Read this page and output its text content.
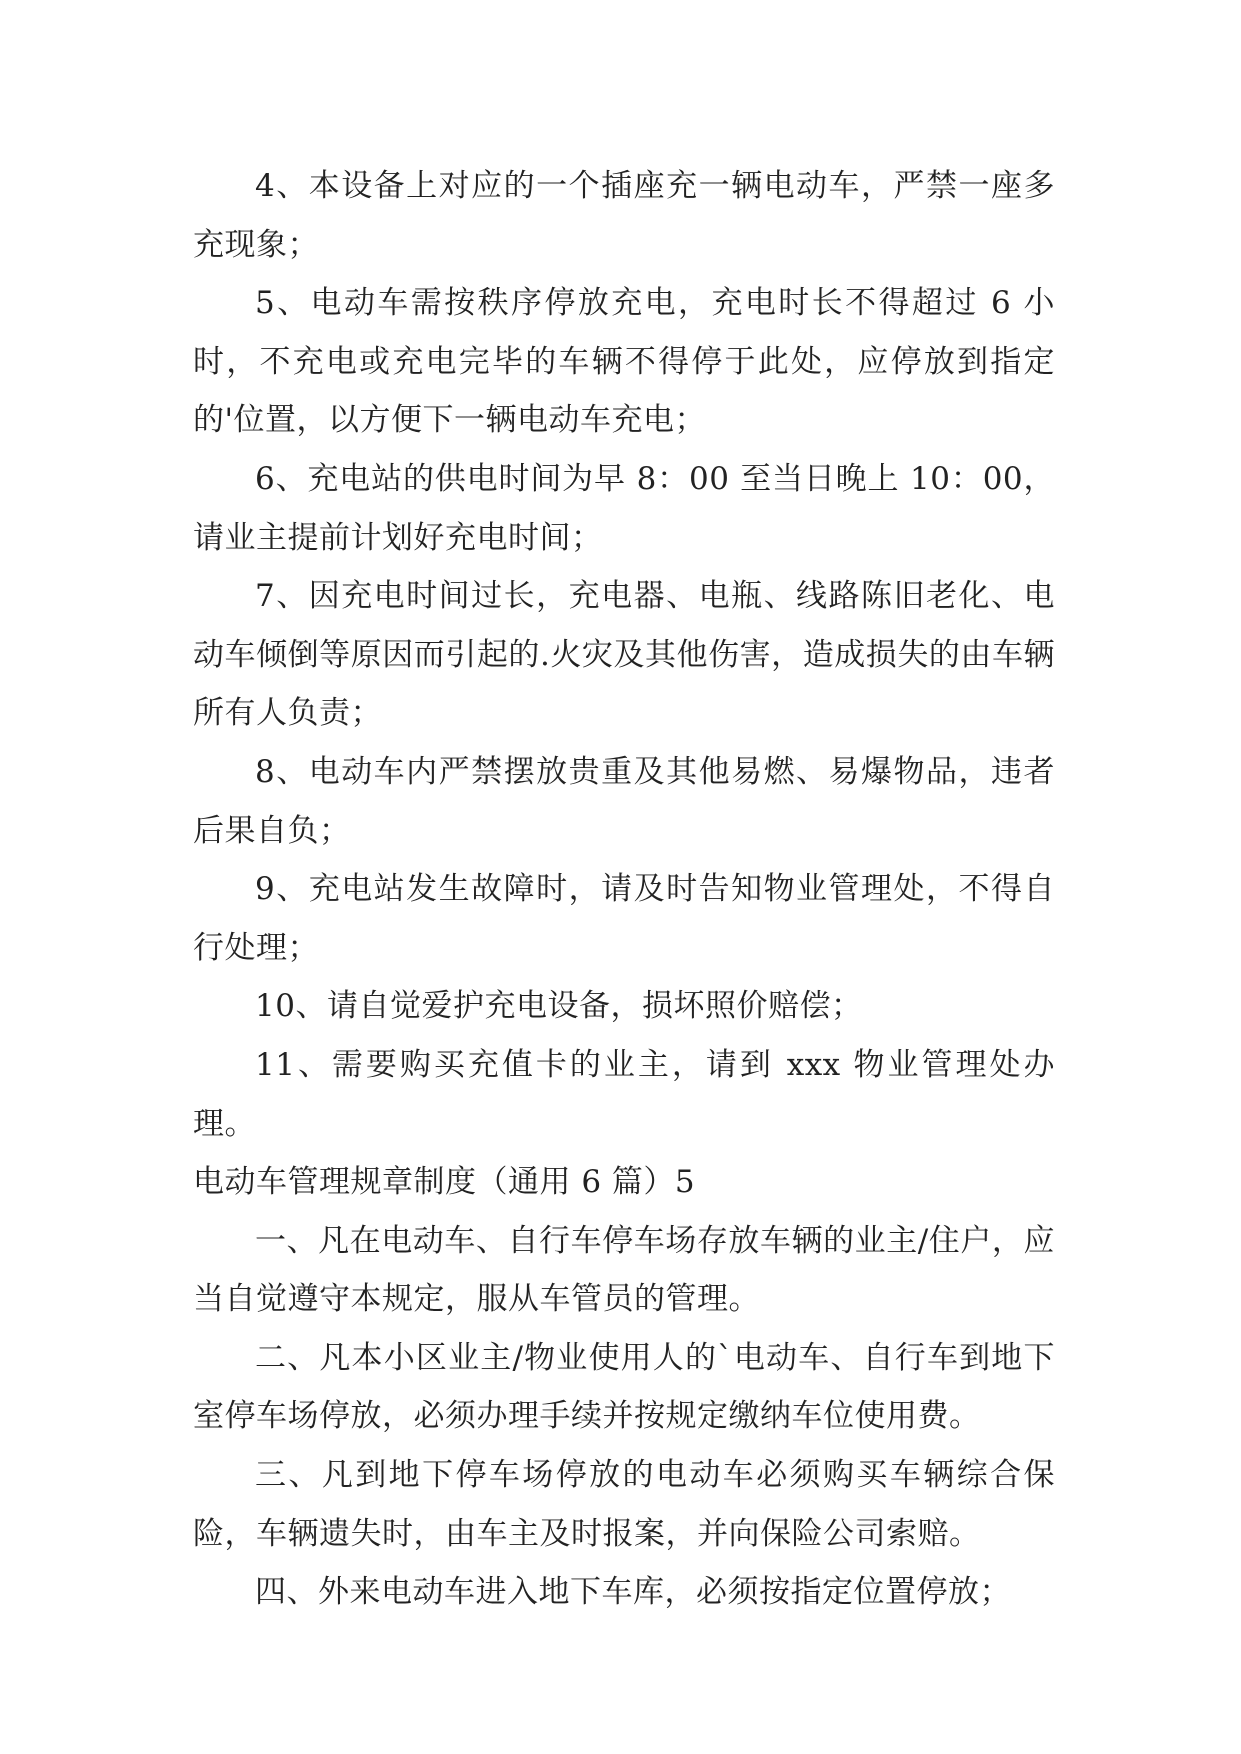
4、本设备上对应的一个插座充一辆电动车，严禁一座多充现象；

5、电动车需按秩序停放充电，充电时长不得超过 6 小时，不充电或充电完毕的车辆不得停于此处，应停放到指定的'位置，以方便下一辆电动车充电；

6、充电站的供电时间为早 8：00 至当日晚上 10：00，请业主提前计划好充电时间；

7、因充电时间过长，充电器、电瓶、线路陈旧老化、电动车倾倒等原因而引起的.火灾及其他伤害，造成损失的由车辆所有人负责；

8、电动车内严禁摆放贵重及其他易燃、易爆物品，违者后果自负；

9、充电站发生故障时，请及时告知物业管理处，不得自行处理；

10、请自觉爱护充电设备，损坏照价赔偿；

11、需要购买充值卡的业主，请到 xxx 物业管理处办理。

电动车管理规章制度（通用 6 篇）5

一、凡在电动车、自行车停车场存放车辆的业主/住户，应当自觉遵守本规定，服从车管员的管理。

二、凡本小区业主/物业使用人的`电动车、自行车到地下室停车场停放，必须办理手续并按规定缴纳车位使用费。

三、凡到地下停车场停放的电动车必须购买车辆综合保险，车辆遗失时，由车主及时报案，并向保险公司索赔。

四、外来电动车进入地下车库，必须按指定位置停放；
